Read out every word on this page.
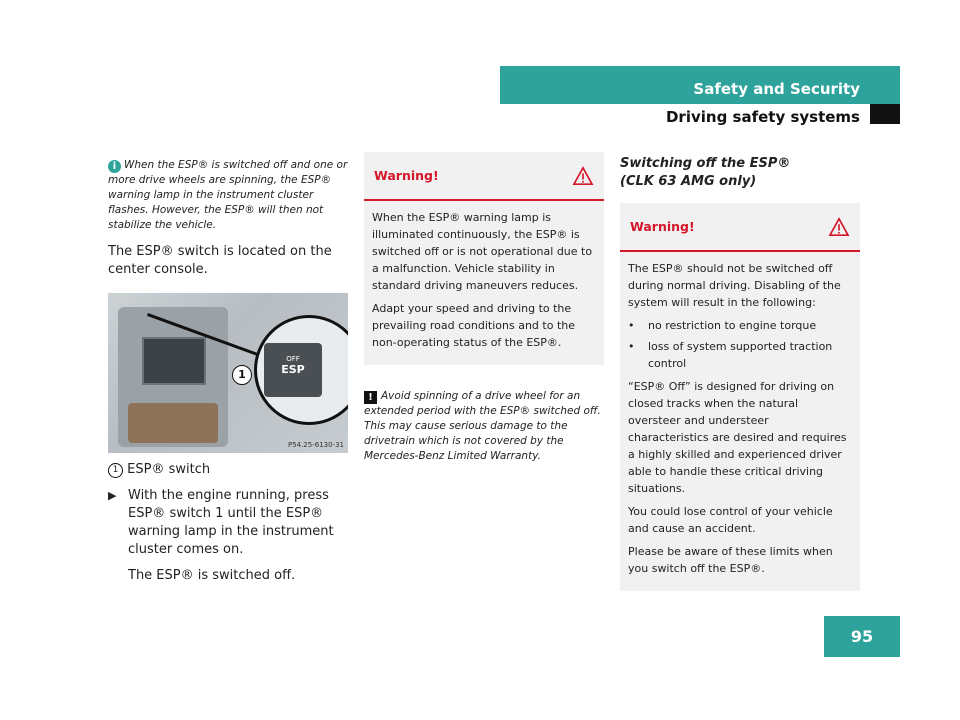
Safety and Security
Driving safety systems
i When the ESP® is switched off and one or more drive wheels are spinning, the ESP® warning lamp in the instrument cluster flashes. However, the ESP® will then not stabilize the vehicle.

The ESP® switch is located on the center console.

OFF
ESP
1
P54.25-6130-31
1 ESP® switch
▶ With the engine running, press ESP® switch 1 until the ESP® warning lamp in the instrument cluster comes on.
The ESP® is switched off.
Warning!

When the ESP® warning lamp is illuminated continuously, the ESP® is switched off or is not operational due to a malfunction. Vehicle stability in standard driving maneuvers reduces.

Adapt your speed and driving to the prevailing road conditions and to the non-operating status of the ESP®.

! Avoid spinning of a drive wheel for an extended period with the ESP® switched off. This may cause serious damage to the drivetrain which is not covered by the Mercedes-Benz Limited Warranty.
Switching off the ESP®
(CLK 63 AMG only)
Warning!

The ESP® should not be switched off during normal driving. Disabling of the system will result in the following:

• no restriction to engine torque
• loss of system supported traction control

“ESP® Off” is designed for driving on closed tracks when the natural oversteer and understeer characteristics are desired and requires a highly skilled and experienced driver able to handle these critical driving situations.

You could lose control of your vehicle and cause an accident.

Please be aware of these limits when you switch off the ESP®.

95
